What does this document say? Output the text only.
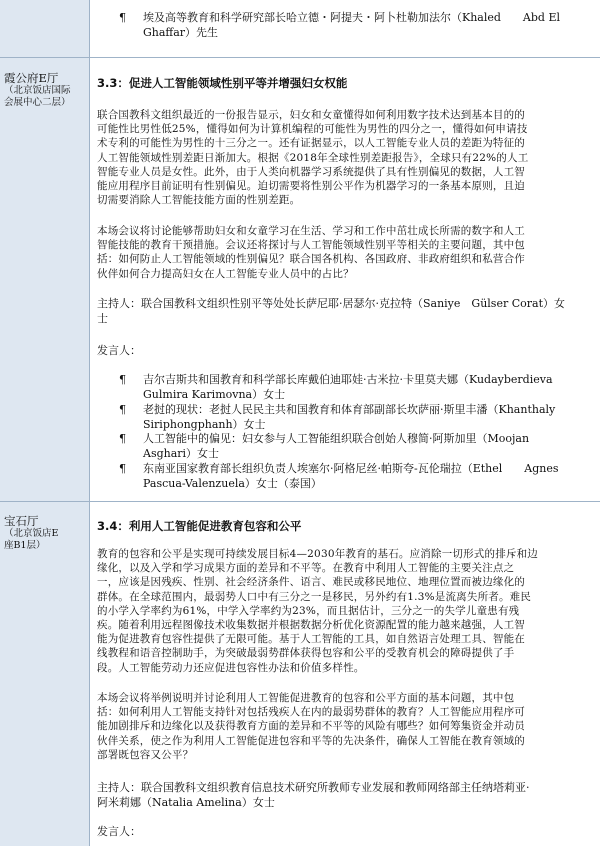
¶ 埃及高等教育和科学研究部长哈立德・阿提夫・阿卜杜勒加法尔（Khaled　　Abd El
Ghaffar）先生
霞公府E厅
（北京饭店国际
会展中心二层）
3.3：促进人工智能领域性别平等并增强妇女权能
联合国教科文组织最近的一份报告显示，妇女和女童懂得如何利用数字技术达到基本目的的
可能性比男性低25%，懂得如何为计算机编程的可能性为男性的四分之一，懂得如何申请技
术专利的可能性为男性的十三分之一。还有证据显示，以人工智能专业人员的差距为特征的
人工智能领域性别差距日渐加大。根据《2018年全球性别差距报告》，全球只有22%的人工
智能专业人员是女性。此外，由于人类向机器学习系统提供了具有性别偏见的数据，人工智
能应用程序目前证明有性别偏见。迫切需要将性别公平作为机器学习的一条基本原则，且迫
切需要消除人工智能技能方面的性别差距。
本场会议将讨论能够帮助妇女和女童学习在生活、学习和工作中茁壮成长所需的数字和人工
智能技能的教育干预措施。会议还将探讨与人工智能领域性别平等相关的主要问题，其中包
括：如何防止人工智能领域的性别偏见？联合国各机构、各国政府、非政府组织和私营合作
伙伴如何合力提高妇女在人工智能专业人员中的占比？
主持人：联合国教科文组织性别平等处处长萨尼耶·居瑟尔·克拉特（Saniye　Gülser Corat）女
士
发言人：
¶ 吉尔吉斯共和国教育和科学部长库戴伯迪耶娃·古米拉·卡里莫夫娜（Kudayberdieva
Gulmira Karimovna）女士
¶ 老挝的现状：老挝人民民主共和国教育和体育部副部长坎萨丽·斯里丰潘（Khanthaly
Siriphongphanh）女士
¶ 人工智能中的偏见：妇女参与人工智能组织联合创始人穆简·阿斯加里（Moojan
Asghari）女士
¶ 东南亚国家教育部长组织负责人埃塞尔·阿格尼丝·帕斯夸-瓦伦瑞拉（Ethel　　Agnes
Pascua-Valenzuela）女士（泰国）
宝石厅
（北京饭店E
座B1层）
3.4：利用人工智能促进教育包容和公平
教育的包容和公平是实现可持续发展目标4—2030年教育的基石。应消除一切形式的排斥和边
缘化，以及入学和学习成果方面的差异和不平等。在教育中利用人工智能的主要关注点之
一，应该是因残疾、性别、社会经济条件、语言、难民或移民地位、地理位置而被边缘化的
群体。在全球范围内，最弱势人口中有三分之一是移民，另外约有1.3%是流离失所者。难民
的小学入学率约为61%，中学入学率约为23%，而且据估计，三分之一的失学儿童患有残
疾。随着利用远程图像技术收集数据并根据数据分析优化资源配置的能力越来越强，人工智
能为促进教育包容性提供了无限可能。基于人工智能的工具，如自然语言处理工具、智能在
线教程和语音控制助手，为突破最弱势群体获得包容和公平的受教育机会的障碍提供了手
段。人工智能劳动力还应促进包容性办法和价值多样性。
本场会议将举例说明并讨论利用人工智能促进教育的包容和公平方面的基本问题，其中包
括：如何利用人工智能支持针对包括残疾人在内的最弱势群体的教育？人工智能应用程序可
能加剧排斥和边缘化以及获得教育方面的差异和不平等的风险有哪些？如何筹集资金并动员
伙伴关系，使之作为利用人工智能促进包容和平等的先决条件，确保人工智能在教育领域的
部署既包容又公平？
主持人：联合国教科文组织教育信息技术研究所教师专业发展和教师网络部主任纳塔莉亚·
阿米莉娜（Natalia Amelina）女士
发言人：
